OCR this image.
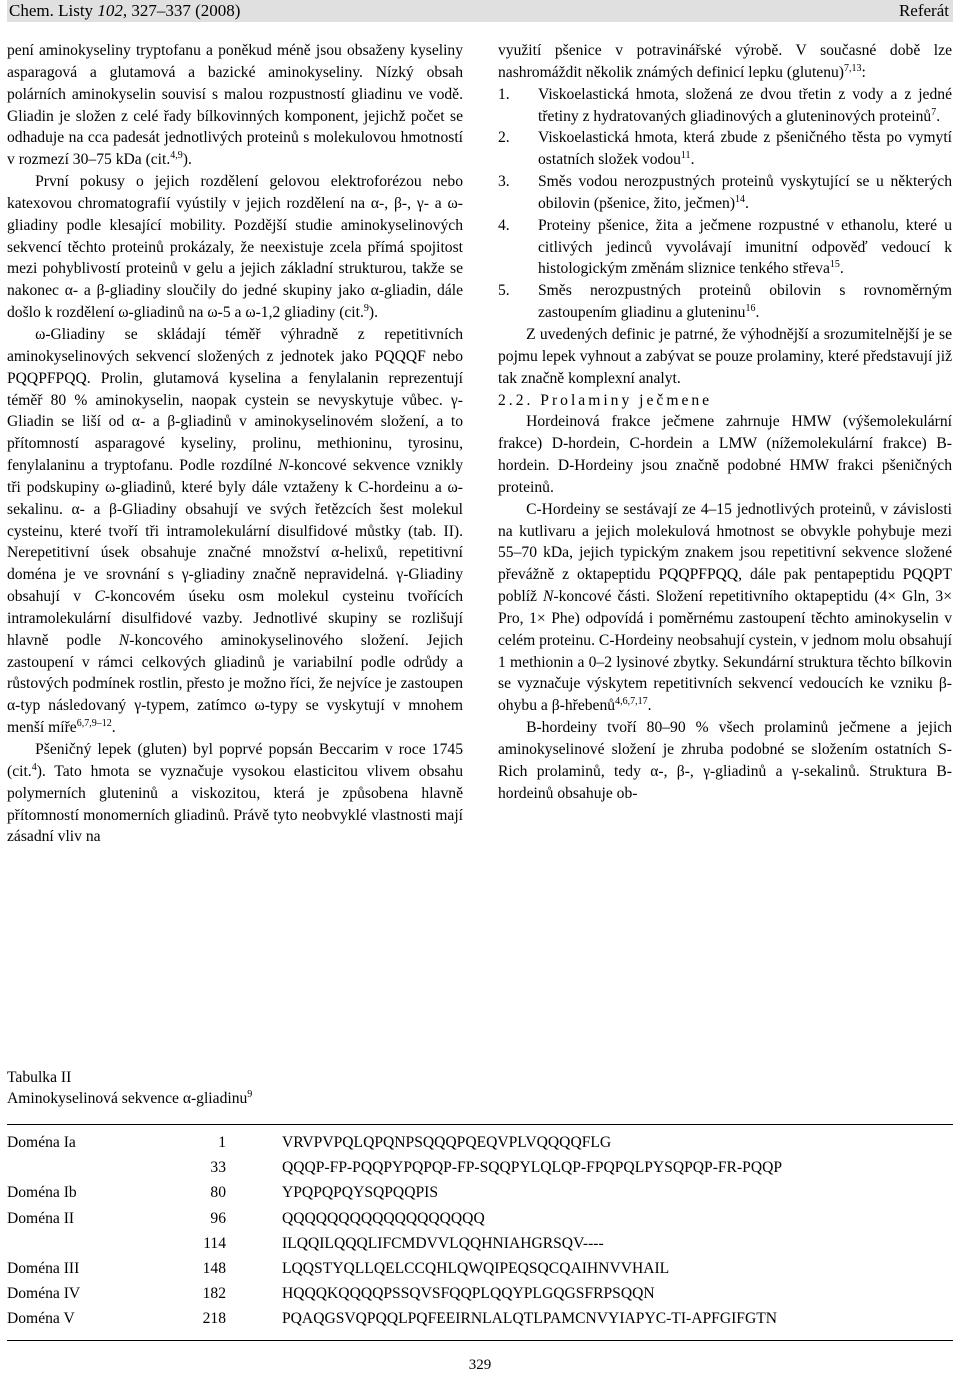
Chem. Listy 102, 327–337 (2008)	Referát

pení aminokyseliny tryptofanu a poněkud méně jsou obsaženy kyseliny asparagová a glutamová a bazické aminokyseliny. Nízký obsah polárních aminokyselin souvisí s malou rozpustností gliadinu ve vodě. Gliadin je složen z celé řady bílkovinných komponent, jejichž počet se odhaduje na cca padesát jednotlivých proteinů s molekulovou hmotností v rozmezí 30–75 kDa (cit.$^{4,9}$).

První pokusy o jejich rozdělení gelovou elektroforézou nebo katexovou chromatografií vyústily v jejich rozdělení na α-, β-, γ- a ω-gliadiny podle klesající mobility. Pozdější studie aminokyselinových sekvencí těchto proteinů prokázaly, že neexistuje zcela přímá spojitost mezi pohyblivostí proteinů v gelu a jejich základní strukturou, takže se nakonec α- a β-gliadiny sloučily do jedné skupiny jako α-gliadin, dále došlo k rozdělení ω-gliadinů na ω-5 a ω-1,2 gliadiny (cit.$^9$).

ω-Gliadiny se skládají téměř výhradně z repetitivních aminokyselinových sekvencí složených z jednotek jako PQQQF nebo PQQPFPQQ. Prolin, glutamová kyselina a fenylalanin reprezentují téměř 80 % aminokyselin, naopak cystein se nevyskytuje vůbec. γ-Gliadin se liší od α- a β-gliadinů v aminokyselinovém složení, a to přítomností asparagové kyseliny, prolinu, methioninu, tyrosinu, fenylalaninu a tryptofanu. Podle rozdílné N-koncové sekvence vznikly tři podskupiny ω-gliadinů, které byly dále vztaženy k C-hordeinu a ω-sekalinu. α- a β-Gliadiny obsahují ve svých řetězcích šest molekul cysteinu, které tvoří tři intramolekulární disulfidové můstky (tab. II). Nerepetitivní úsek obsahuje značné množství α-helixů, repetitivní doména je ve srovnání s γ-gliadiny značně nepravidelná. γ-Gliadiny obsahují v C-koncovém úseku osm molekul cysteinu tvořících intramolekulární disulfidové vazby. Jednotlivé skupiny se rozlišují hlavně podle N-koncového aminokyselinového složení. Jejich zastoupení v rámci celkových gliadinů je variabilní podle odrůdy a růstových podmínek rostlin, přesto je možno říci, že nejvíce je zastoupen α-typ následovaný γ-typem, zatímco ω-typy se vyskytují v mnohem menší míře$^{6,7,9-12}$.

Pšeničný lepek (gluten) byl poprvé popsán Beccarim v roce 1745 (cit.$^4$). Tato hmota se vyznačuje vysokou elasticitou vlivem obsahu polymerních gluteninů a viskozitou, která je způsobena hlavně přítomností monomerních gliadinů. Právě tyto neobvyklé vlastnosti mají zásadní vliv na

využití pšenice v potravinářské výrobě. V současné době lze nashromáždit několik známých definicí lepku (glutenu)$^{7,13}$:

1. Viskoelastická hmota, složená ze dvou třetin z vody a z jedné třetiny z hydratovaných gliadinových a gluteninových proteinů$^7$.
2. Viskoelastická hmota, která zbude z pšeničného těsta po vymytí ostatních složek vodou$^{11}$.
3. Směs vodou nerozpustných proteinů vyskytující se u některých obilovin (pšenice, žito, ječmen)$^{14}$.
4. Proteiny pšenice, žita a ječmene rozpustné v ethanolu, které u citlivých jedinců vyvolávají imunitní odpověď vedoucí k histologickým změnám sliznice tenkého střeva$^{15}$.
5. Směs nerozpustných proteinů obilovin s rovnoměrným zastoupením gliadinu a gluteninu$^{16}$.

Z uvedených definic je patrné, že výhodnější a srozumitelnější je se pojmu lepek vyhnout a zabývat se pouze prolaminy, které představují již tak značně komplexní analyt.

2.2. Prolaminy ječmene

Hordeinová frakce ječmene zahrnuje HMW (výšemolekulární frakce) D-hordein, C-hordein a LMW (nížemolekulární frakce) B-hordein. D-Hordeiny jsou značně podobné HMW frakci pšeničných proteinů.

C-Hordeiny se sestávají ze 4–15 jednotlivých proteinů, v závislosti na kutlivaru a jejich molekulová hmotnost se obvykle pohybuje mezi 55–70 kDa, jejich typickým znakem jsou repetitivní sekvence složené převážně z oktapeptidu PQQPFPQQ, dále pak pentapeptidu PQQPT poblíž N-koncové části. Složení repetitivního oktapeptidu (4× Gln, 3× Pro, 1× Phe) odpovídá i poměrnému zastoupení těchto aminokyselin v celém proteinu. C-Hordeiny neobsahují cystein, v jednom molu obsahují 1 methionin a 0–2 lysinové zbytky. Sekundární struktura těchto bílkovin se vyznačuje výskytem repetitivních sekvencí vedoucích ke vzniku β-ohybu a β-hřebenů$^{4,6,7,17}$.

B-hordeiny tvoří 80–90 % všech prolaminů ječmene a jejich aminokyselinové složení je zhruba podobné se složením ostatních S-Rich prolaminů, tedy α-, β-, γ-gliadinů a γ-sekalinů. Struktura B-hordeinů obsahuje ob-

Tabulka II
Aminokyselinová sekvence α-gliadinu$^9$
Doména Ia	1	VRVPVPQLQPQNPSQQQPQEQVPLVQQQQFLG
	33	QQQP-FP-PQQPYPQPQP-FP-SQQPYLQLQP-FPQPQLPYSQPQP-FR-PQQP
Doména Ib	80	YPQPQPQYSQPQQPIS
Doména II	96	QQQQQQQQQQQQQQQQQQ
	114	ILQQILQQQLIFCMDVVLQQHNIAHGRSQV----
Doména III	148	LQQSTYQLLQELCCQHLQWQIPEQSQCQAIHNVVHAIL
Doména IV	182	HQQQKQQQQPSSQVSFQQPLQQYPLGQGSFRPSQQN
Doména V	218	PQAQGSVQPQQLPQFEEIRNLALQTLPAMCNVYIAPYC-TI-APFGIFGTN
329
